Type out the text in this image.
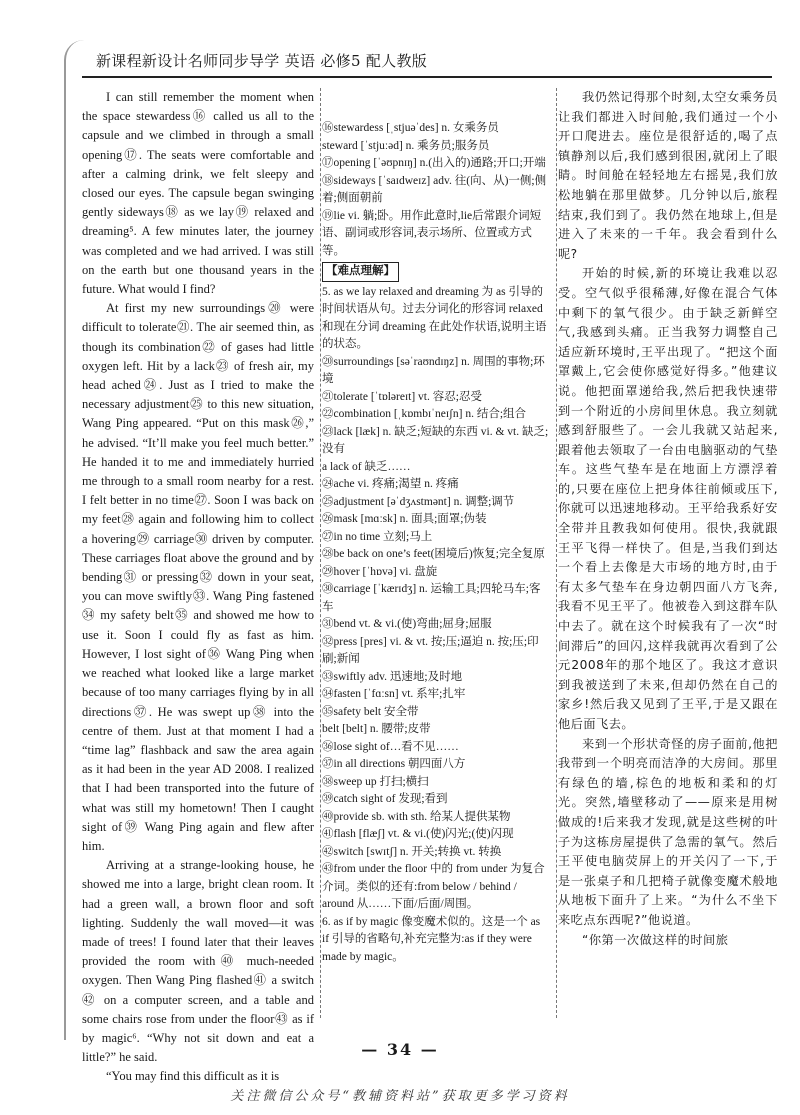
新课程新设计名师同步导学 英语 必修5 配人教版

I can still remember the moment when the space stewardess⑯ called us all to the capsule and we climbed in through a small opening⑰. The seats were comfortable and after a calming drink, we felt sleepy and closed our eyes. The capsule began swinging gently sideways⑱ as we lay⑲ relaxed and dreaming⁵. A few minutes later, the journey was completed and we had arrived. I was still on the earth but one thousand years in the future. What would I find?

At first my new surroundings⑳ were difficult to tolerate㉑. The air seemed thin, as though its combination㉒ of gases had little oxygen left. Hit by a lack㉓ of fresh air, my head ached㉔. Just as I tried to make the necessary adjustment㉕ to this new situation, Wang Ping appeared. “Put on this mask㉖,” he advised. “It’ll make you feel much better.” He handed it to me and immediately hurried me through to a small room nearby for a rest. I felt better in no time㉗. Soon I was back on my feet㉘ again and following him to collect a hovering㉙ carriage㉚ driven by computer. These carriages float above the ground and by bending㉛ or pressing㉜ down in your seat, you can move swiftly㉝. Wang Ping fastened㉞ my safety belt㉟ and showed me how to use it. Soon I could fly as fast as him. However, I lost sight of㊱ Wang Ping when we reached what looked like a large market because of too many carriages flying by in all directions㊲. He was swept up㊳ into the centre of them. Just at that moment I had a “time lag” flashback and saw the area again as it had been in the year AD 2008. I realized that I had been transported into the future of what was still my hometown! Then I caught sight of㊴ Wang Ping again and flew after him.

Arriving at a strange-looking house, he showed me into a large, bright clean room. It had a green wall, a brown floor and soft lighting. Suddenly the wall moved—it was made of trees! I found later that their leaves provided the room with㊵ much-needed oxygen. Then Wang Ping flashed㊶ a switch㊷ on a computer screen, and a table and some chairs rose from under the floor㊸ as if by magic⁶. “Why not sit down and eat a little?” he said.

“You may find this difficult as it is

⑯stewardess [ˌstjuəˈdes] n. 女乘务员
steward [ˈstjuːəd] n. 乘务员;服务员
⑰opening [ˈəʊpnɪŋ] n.(出入的)通路;开口;开端
⑱sideways [ˈsaɪdweɪz] adv. 往(向、从)一侧;侧着;侧面朝前
⑲lie vi. 躺;卧。用作此意时,lie后常跟介词短语、副词或形容词,表示场所、位置或方式等。
【难点理解】
5. as we lay relaxed and dreaming 为 as 引导的时间状语从句。过去分词化的形容词 relaxed 和现在分词 dreaming 在此处作状语,说明主语的状态。
⑳surroundings [səˈraʊndɪŋz] n. 周围的事物;环境
㉑tolerate [ˈtɒləreɪt] vt. 容忍;忍受
㉒combination [ˌkɒmbɪˈneɪʃn] n. 结合;组合
㉓lack [læk] n. 缺乏;短缺的东西 vi. & vt. 缺乏;没有
a lack of 缺乏……
㉔ache vi. 疼痛;渴望 n. 疼痛
㉕adjustment [əˈdʒʌstmənt] n. 调整;调节
㉖mask [mɑːsk] n. 面具;面罩;伪装
㉗in no time 立刻;马上
㉘be back on one’s feet(困境后)恢复;完全复原
㉙hover [ˈhɒvə] vi. 盘旋
㉚carriage [ˈkærɪdʒ] n. 运输工具;四轮马车;客车
㉛bend vt. & vi.(使)弯曲;屈身;屈服
㉜press [pres] vi. & vt. 按;压;逼迫 n. 按;压;印刷;新闻
㉝swiftly adv. 迅速地;及时地
㉞fasten [ˈfɑːsn] vt. 系牢;扎牢
㉟safety belt 安全带
belt [belt] n. 腰带;皮带
㊱lose sight of…看不见……
㊲in all directions 朝四面八方
㊳sweep up 打扫;横扫
㊴catch sight of 发现;看到
㊵provide sb. with sth. 给某人提供某物
㊶flash [flæʃ] vt. & vi.(使)闪光;(使)闪现
㊷switch [swɪtʃ] n. 开关;转换 vt. 转换
㊸from under the floor 中的 from under 为复合介词。类似的还有:from below / behind / around 从……下面/后面/周围。
6. as if by magic 像变魔术似的。这是一个 as if 引导的省略句,补充完整为:as if they were made by magic。

我仍然记得那个时刻,太空女乘务员让我们都进入时间舱,我们通过一个小开口爬进去。座位是很舒适的,喝了点镇静剂以后,我们感到很困,就闭上了眼睛。时间舱在轻轻地左右摇晃,我们放松地躺在那里做梦。几分钟以后,旅程结束,我们到了。我仍然在地球上,但是进入了未来的一千年。我会看到什么呢?

开始的时候,新的环境让我难以忍受。空气似乎很稀薄,好像在混合气体中剩下的氧气很少。由于缺乏新鲜空气,我感到头痛。正当我努力调整自己适应新环境时,王平出现了。“把这个面罩戴上,它会使你感觉好得多。”他建议说。他把面罩递给我,然后把我快速带到一个附近的小房间里休息。我立刻就感到舒服些了。一会儿我就又站起来,跟着他去领取了一台由电脑驱动的气垫车。这些气垫车是在地面上方漂浮着的,只要在座位上把身体往前倾或压下,你就可以迅速地移动。王平给我系好安全带并且教我如何使用。很快,我就跟王平飞得一样快了。但是,当我们到达一个看上去像是大市场的地方时,由于有太多气垫车在身边朝四面八方飞奔,我看不见王平了。他被卷入到这群车队中去了。就在这个时候我有了一次“时间滞后”的回闪,这样我就再次看到了公元2008年的那个地区了。我这才意识到我被送到了未来,但却仍然在自己的家乡!然后我又见到了王平,于是又跟在他后面飞去。

来到一个形状奇怪的房子面前,他把我带到一个明亮而洁净的大房间。那里有绿色的墙,棕色的地板和柔和的灯光。突然,墙壁移动了——原来是用树做成的!后来我才发现,就是这些树的叶子为这栋房屋提供了急需的氧气。然后王平使电脑荧屏上的开关闪了一下,于是一张桌子和几把椅子就像变魔术般地从地板下面升了上来。“为什么不坐下来吃点东西呢?”他说道。

“你第一次做这样的时间旅

— 34 —
关注微信公众号“教辅资料站”获取更多学习资料
